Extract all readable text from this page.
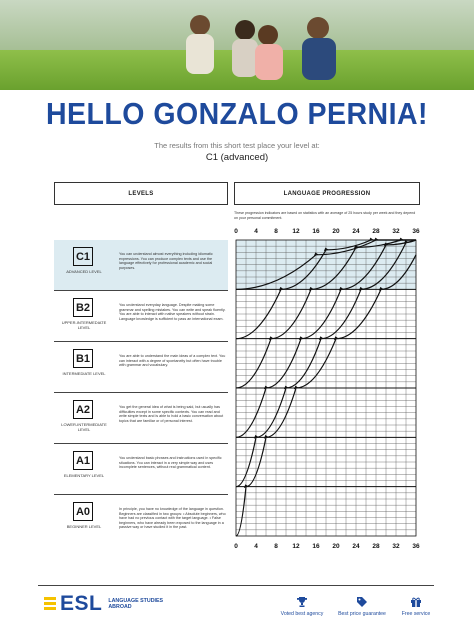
HELLO GONZALO PERNIA!
The results from this short test place your level at:
C1 (advanced)
LEVELS	LANGUAGE PROGRESSION
These progression indicators are based on statistics with an average of 25 hours study per week and they depend on your personal commitment.
C1
ADVANCED LEVEL
You can understand almost everything including idiomatic expressions. You can produce complex texts and use the language effectively for professional academic and social purposes.
B2
UPPER-INTERMEDIATE LEVEL
You understand everyday language. Despite making some grammar and spelling mistakes. You can write and speak fluently. You are able to interact with native speakers without strain. Language knowledge is sufficient to pass an international exam.
B1
INTERMEDIATE LEVEL
You are able to understand the main ideas of a complex text. You can interact with a degree of spontaneity but often have trouble with grammar and vocabulary.
A2
LOWER-INTERMEDIATE LEVEL
You get the general idea of what is being said, but usually has difficulties except in some specific contexts. You can read and write simple texts and is able to hold a basic conversation about topics that are familiar or of personal interest.
A1
ELEMENTARY LEVEL
You understand basic phrases and instructions used in specific situations. You can interact in a very simple way and uses incomplete sentences, without real grammatical content.
A0
BEGINNER LEVEL
In principle, you have no knowledge of the language in question. Beginners are classified in two groups: • Absolute beginners, who have had no previous contact with the target language. • False beginners, who have already been exposed to the language in a passive way or have studied it in the past.
0
0
4
4
8
8
12
12
16
16
20
20
24
24
28
28
32
32
36
36
ESL LANGUAGE STUDIES ABROAD
Voted best agency	Best price guarantee	Free service
